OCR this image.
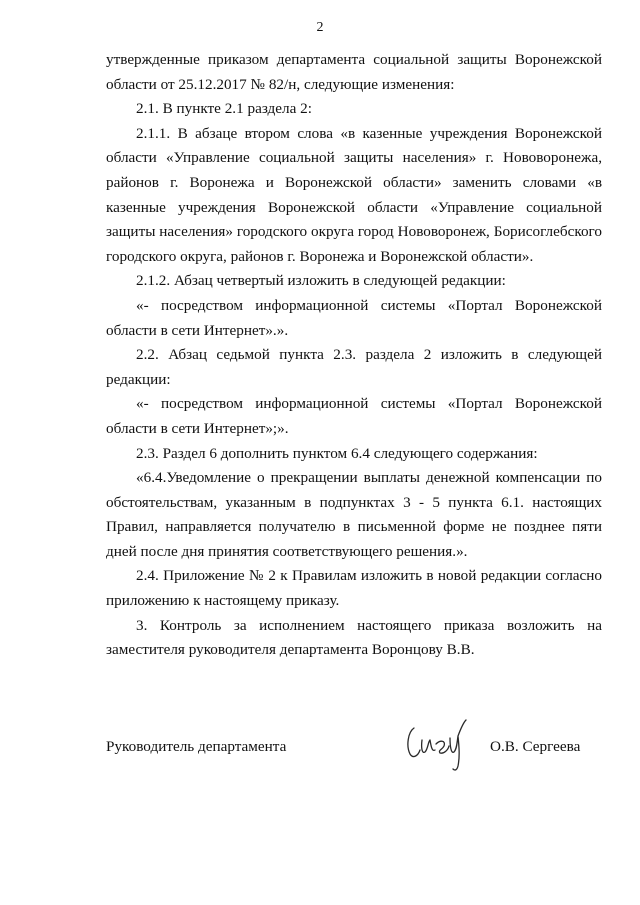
2

утвержденные приказом департамента социальной защиты Воронежской области от 25.12.2017 № 82/н, следующие изменения:

2.1. В пункте 2.1 раздела 2:

2.1.1. В абзаце втором слова «в казенные учреждения Воронежской области «Управление социальной защиты населения» г. Нововоронежа, районов г. Воронежа и Воронежской области» заменить словами «в казенные учреждения Воронежской области «Управление социальной защиты населения» городского округа город Нововоронеж, Борисоглебского городского округа, районов г. Воронежа и Воронежской области».

2.1.2. Абзац четвертый изложить в следующей редакции:

«- посредством информационной системы «Портал Воронежской области в сети Интернет».».

2.2. Абзац седьмой пункта 2.3. раздела 2 изложить в следующей редакции:

«- посредством информационной системы «Портал Воронежской области в сети Интернет»;».

2.3. Раздел 6 дополнить пунктом 6.4 следующего содержания:

«6.4.Уведомление о прекращении выплаты денежной компенсации по обстоятельствам, указанным в подпунктах 3 - 5 пункта 6.1. настоящих Правил, направляется получателю в письменной форме не позднее пяти дней после дня принятия соответствующего решения.».

2.4. Приложение № 2 к Правилам изложить в новой редакции согласно приложению к настоящему приказу.

3. Контроль за исполнением настоящего приказа возложить на заместителя руководителя департамента Воронцову В.В.

Руководитель департамента	О.В. Сергеева
